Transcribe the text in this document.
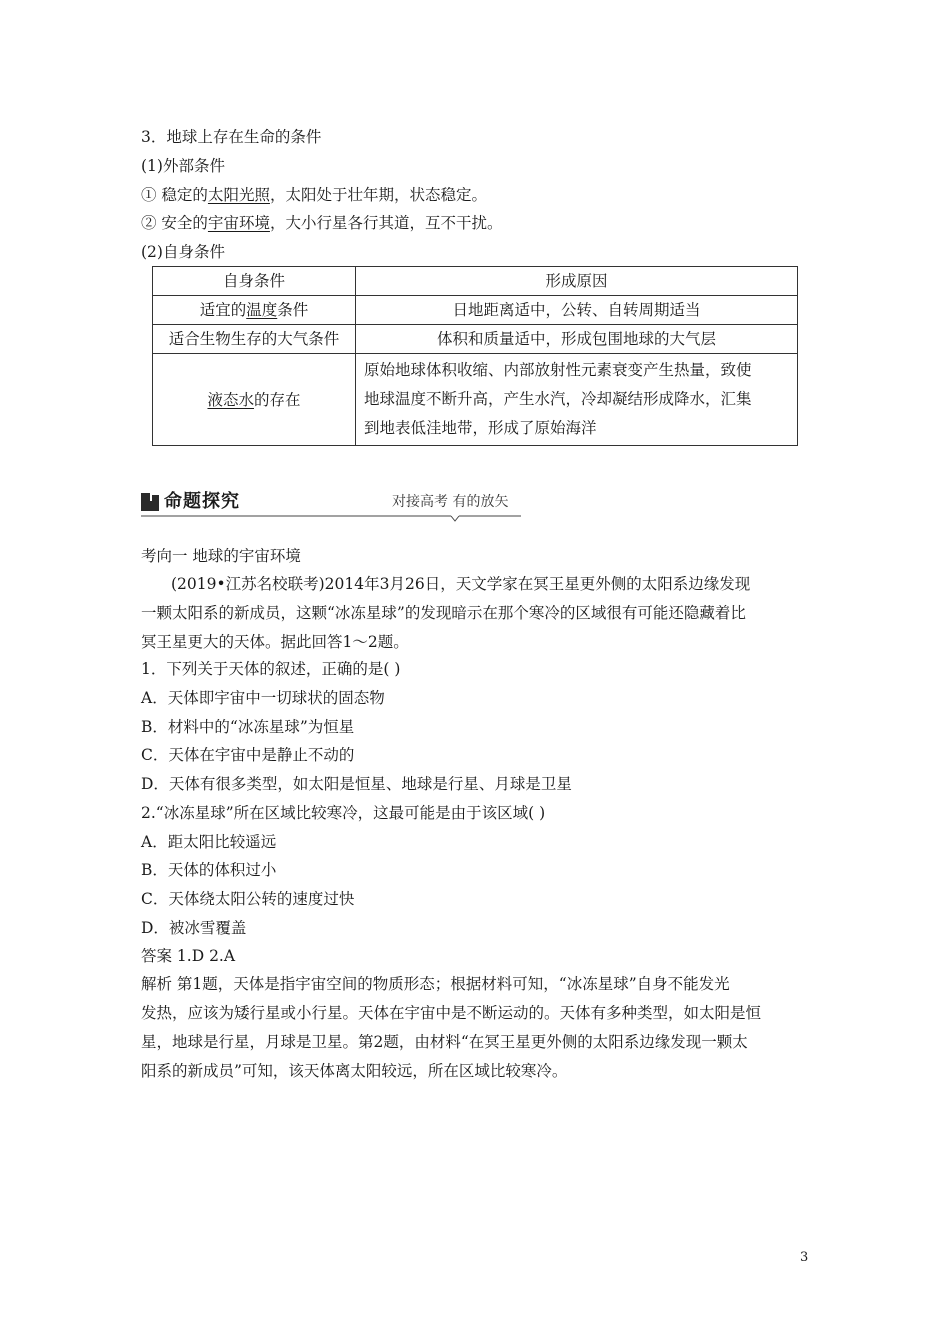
3．地球上存在生命的条件
(1)外部条件
① 稳定的太阳光照，太阳处于壮年期，状态稳定。
② 安全的宇宙环境，大小行星各行其道，互不干扰。
(2)自身条件
自身条件	形成原因
适宜的温度条件	日地距离适中，公转、自转周期适当
适合生物生存的大气条件	体积和质量适中，形成包围地球的大气层
液态水的存在	原始地球体积收缩、内部放射性元素衰变产生热量，致使
地球温度不断升高，产生水汽，冷却凝结形成降水，汇集
到地表低洼地带，形成了原始海洋
命题探究	对接高考 有的放矢
考向一 地球的宇宙环境
(2019•江苏名校联考)2014年3月26日，天文学家在冥王星更外侧的太阳系边缘发现
一颗太阳系的新成员，这颗“冰冻星球”的发现暗示在那个寒冷的区域很有可能还隐藏着比
冥王星更大的天体。据此回答1～2题。
1．下列关于天体的叙述，正确的是( )
A．天体即宇宙中一切球状的固态物
B．材料中的“冰冻星球”为恒星
C．天体在宇宙中是静止不动的
D．天体有很多类型，如太阳是恒星、地球是行星、月球是卫星
2.“冰冻星球”所在区域比较寒冷，这最可能是由于该区域( )
A．距太阳比较遥远
B．天体的体积过小
C．天体绕太阳公转的速度过快
D．被冰雪覆盖
答案 1.D 2.A
解析 第1题，天体是指宇宙空间的物质形态；根据材料可知，“冰冻星球”自身不能发光
发热，应该为矮行星或小行星。天体在宇宙中是不断运动的。天体有多种类型，如太阳是恒
星，地球是行星，月球是卫星。第2题，由材料“在冥王星更外侧的太阳系边缘发现一颗太
阳系的新成员”可知，该天体离太阳较远，所在区域比较寒冷。
3
